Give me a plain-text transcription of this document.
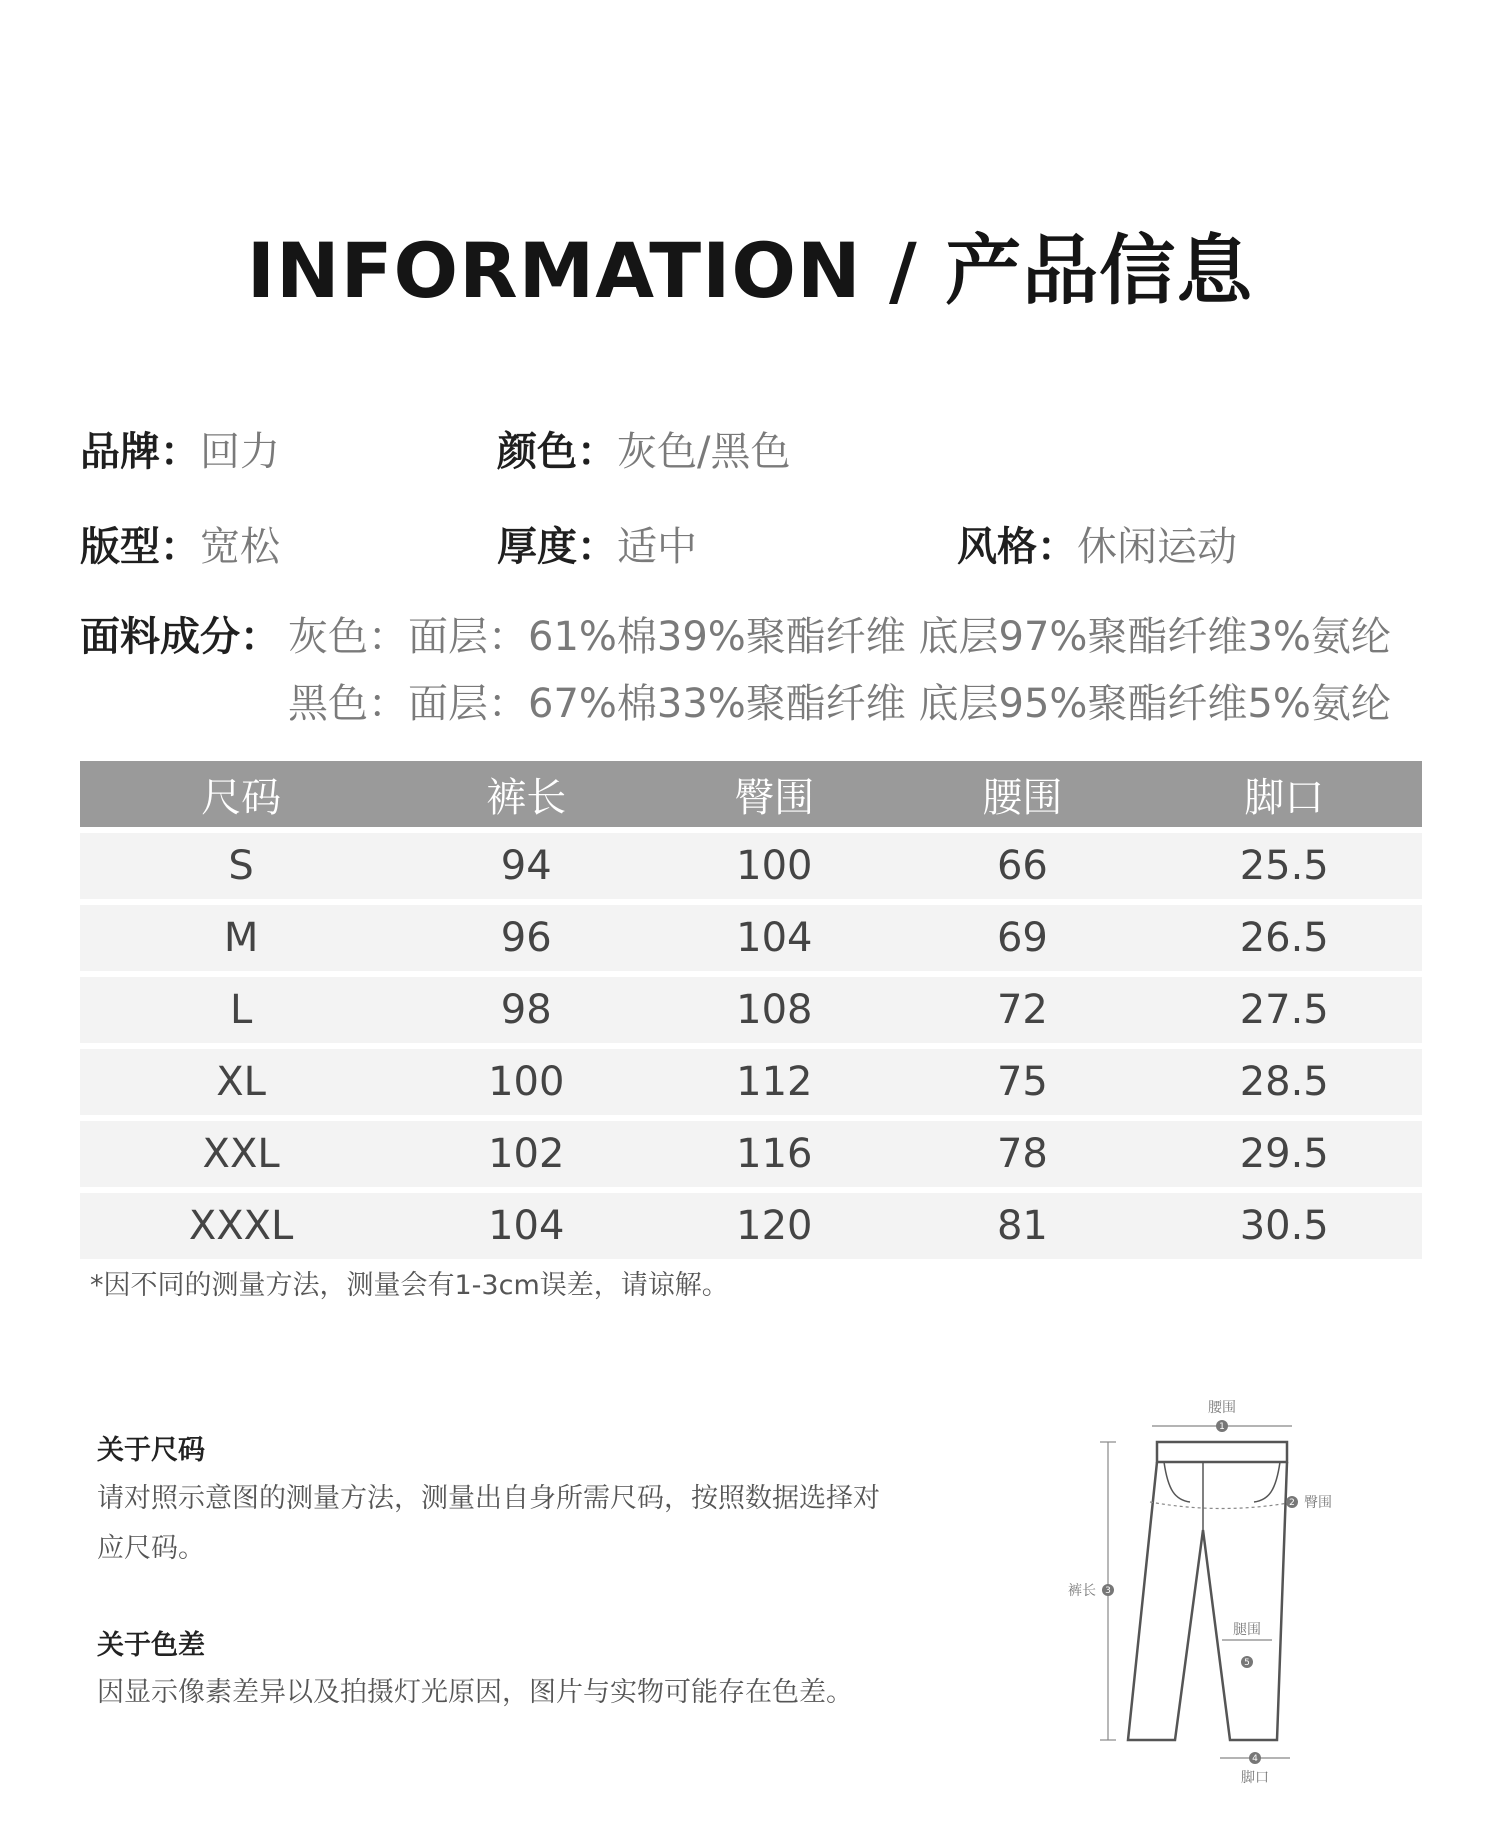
INFORMATION / 产品信息
品牌：回力	颜色：灰色/黑色
版型：宽松	厚度：适中	风格：休闲运动
面料成分： 灰色：面层：61%棉39%聚酯纤维 底层97%聚酯纤维3%氨纶
黑色：面层：67%棉33%聚酯纤维 底层95%聚酯纤维5%氨纶
尺码	裤长	臀围	腰围	脚口
S	94	100	66	25.5
M	96	104	69	26.5
L	98	108	72	27.5
XL	100	112	75	28.5
XXL	102	116	78	29.5
XXXL	104	120	81	30.5
*因不同的测量方法，测量会有1-3cm误差，请谅解。
关于尺码
请对照示意图的测量方法，测量出自身所需尺码，按照数据选择对应尺码。
关于色差
因显示像素差异以及拍摄灯光原因，图片与实物可能存在色差。
1
2
3
4
5
腰围
臀围
裤长
腿围
脚口
